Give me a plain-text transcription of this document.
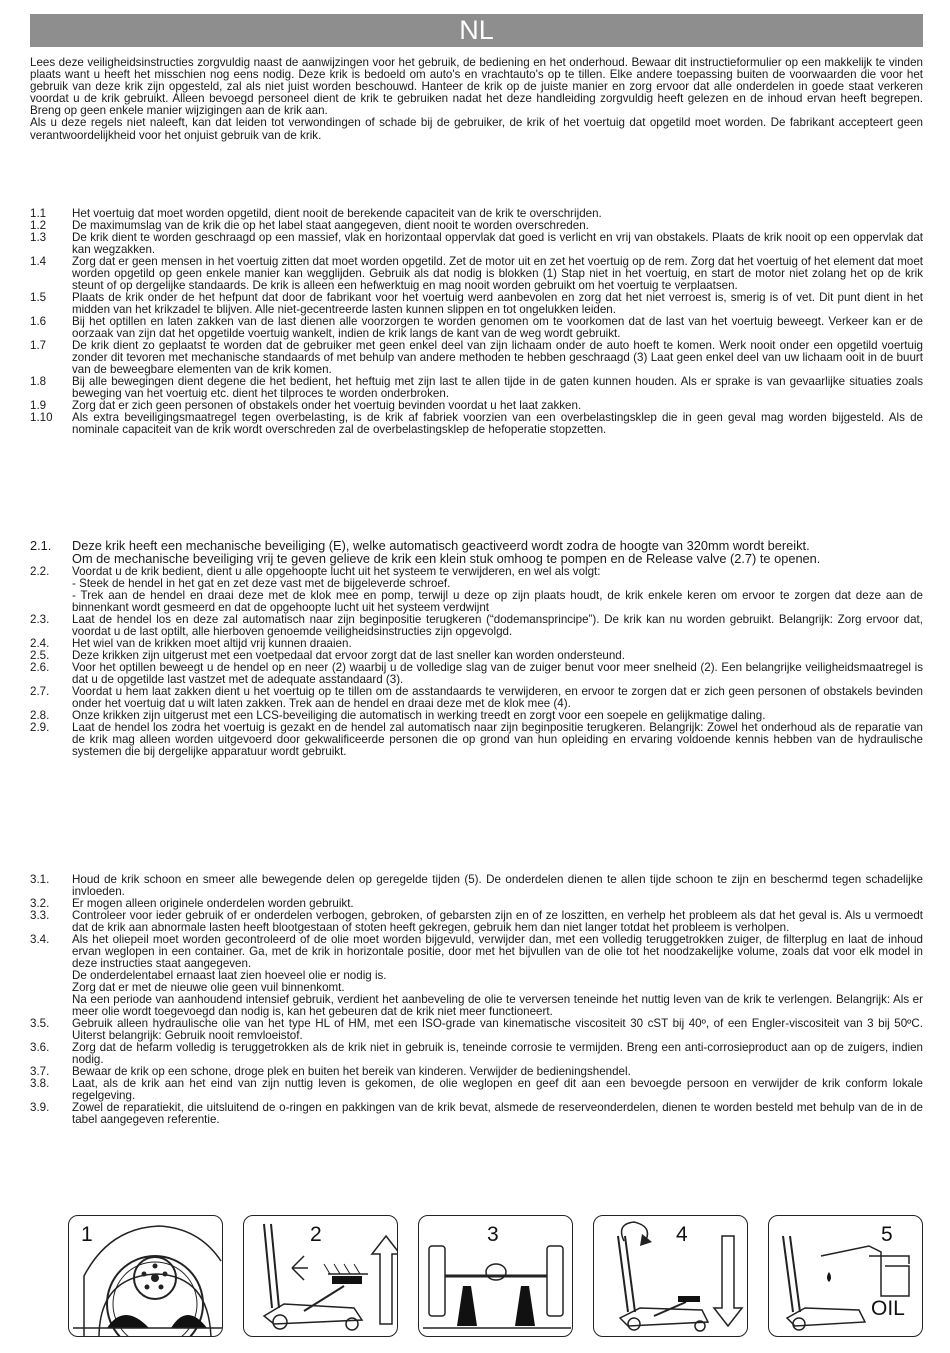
NL

Lees deze veiligheidsinstructies zorgvuldig naast de aanwijzingen voor het gebruik, de bediening en het onderhoud. Bewaar dit instructieformulier op een makkelijk te vinden plaats want u heeft het misschien nog eens nodig. Deze krik is bedoeld om auto's en vrachtauto's op te tillen. Elke andere toepassing buiten de voorwaarden die voor het gebruik van deze krik zijn opgesteld, zal als niet juist worden beschouwd. Hanteer de krik op de juiste manier en zorg ervoor dat alle onderdelen in goede staat verkeren voordat u de krik gebruikt. Alleen bevoegd personeel dient de krik te gebruiken nadat het deze handleiding zorgvuldig heeft gelezen en de inhoud ervan heeft begrepen. Breng op geen enkele manier wijzigingen aan de krik aan.

Als u deze regels niet naleeft, kan dat leiden tot verwondingen of schade bij de gebruiker, de krik of het voertuig dat opgetild moet worden. De fabrikant accepteert geen verantwoordelijkheid voor het onjuist gebruik van de krik.

1.1	Het voertuig dat moet worden opgetild, dient nooit de berekende capaciteit van de krik te overschrijden.
1.2	De maximumslag van de krik die op het label staat aangegeven, dient nooit te worden overschreden.
1.3	De krik dient te worden geschraagd op een massief, vlak en horizontaal oppervlak dat goed is verlicht en vrij van obstakels. Plaats de krik nooit op een oppervlak dat kan wegzakken.
1.4	Zorg dat er geen mensen in het voertuig zitten dat moet worden opgetild. Zet de motor uit en zet het voertuig op de rem. Zorg dat het voertuig of het element dat moet worden opgetild op geen enkele manier kan wegglijden. Gebruik als dat nodig is blokken (1) Stap niet in het voertuig, en start de motor niet zolang het op de krik steunt of op dergelijke standaards. De krik is alleen een hefwerktuig en mag nooit worden gebruikt om het voertuig te verplaatsen.
1.5	Plaats de krik onder de het hefpunt dat door de fabrikant voor het voertuig werd aanbevolen en zorg dat het niet verroest is, smerig is of vet. Dit punt dient in het midden van het krikzadel te blijven. Alle niet-gecentreerde lasten kunnen slippen en tot ongelukken leiden.
1.6	Bij het optillen en laten zakken van de last dienen alle voorzorgen te worden genomen om te voorkomen dat de last van het voertuig beweegt. Verkeer kan er de oorzaak van zijn dat het opgetilde voertuig wankelt, indien de krik langs de kant van de weg wordt gebruikt.
1.7	De krik dient zo geplaatst te worden dat de gebruiker met geen enkel deel van zijn lichaam onder de auto hoeft te komen. Werk nooit onder een opgetild voertuig zonder dit tevoren met mechanische standaards of met behulp van andere methoden te hebben geschraagd (3) Laat geen enkel deel van uw lichaam ooit in de buurt van de beweegbare elementen van de krik komen.
1.8	Bij alle bewegingen dient degene die het bedient, het heftuig met zijn last te allen tijde in de gaten kunnen houden. Als er sprake is van gevaarlijke situaties zoals beweging van het voertuig etc. dient het tilproces te worden onderbroken.
1.9	Zorg dat er zich geen personen of obstakels onder het voertuig bevinden voordat u het laat zakken.
1.10	Als extra beveiligingsmaatregel tegen overbelasting, is de krik af fabriek voorzien van een overbelastingsklep die in geen geval mag worden bijgesteld. Als de nominale capaciteit van de krik wordt overschreden zal de overbelastingsklep de hefoperatie stopzetten.
2.1.	Deze krik heeft een mechanische beveiliging (E), welke automatisch geactiveerd wordt zodra de hoogte van 320mm wordt bereikt.

Om de mechanische beveiliging vrij te geven gelieve de krik een klein stuk omhoog te pompen en de Release valve (2.7) te openen.

2.2.	Voordat u de krik bedient, dient u alle opgehoopte lucht uit het systeem te verwijderen, en wel als volgt:

- Steek de hendel in het gat en zet deze vast met de bijgeleverde schroef.

- Trek aan de hendel en draai deze met de klok mee en pomp, terwijl u deze op zijn plaats houdt, de krik enkele keren om ervoor te zorgen dat deze aan de binnenkant wordt gesmeerd en dat de opgehoopte lucht uit het systeem verdwijnt

2.3.	Laat de hendel los en deze zal automatisch naar zijn beginpositie terugkeren (“dodemansprincipe”). De krik kan nu worden gebruikt. Belangrijk: Zorg ervoor dat, voordat u de last optilt, alle hierboven genoemde veiligheidsinstructies zijn opgevolgd.

2.4.	Het wiel van de krikken moet altijd vrij kunnen draaien.

2.5.	Deze krikken zijn uitgerust met een voetpedaal dat ervoor zorgt dat de last sneller kan worden ondersteund.

2.6.	Voor het optillen beweegt u de hendel op en neer (2) waarbij u de volledige slag van de zuiger benut voor meer snelheid (2). Een belangrijke veiligheidsmaatregel is dat u de opgetilde last vastzet met de adequate asstandaard (3).

2.7.	Voordat u hem laat zakken dient u het voertuig op te tillen om de asstandaards te verwijderen, en ervoor te zorgen dat er zich geen personen of obstakels bevinden onder het voertuig dat u wilt laten zakken. Trek aan de hendel en draai deze met de klok mee (4).

2.8.	Onze krikken zijn uitgerust met een LCS-beveiliging die automatisch in werking treedt en zorgt voor een soepele en gelijkmatige daling.

2.9.	Laat de hendel los zodra het voertuig is gezakt en de hendel zal automatisch naar zijn beginpositie terugkeren. Belangrijk: Zowel het onderhoud als de reparatie van de krik mag alleen worden uitgevoerd door gekwalificeerde personen die op grond van hun opleiding en ervaring voldoende kennis hebben van de hydraulische systemen die bij dergelijke apparatuur wordt gebruikt.

3.1.	Houd de krik schoon en smeer alle bewegende delen op geregelde tijden (5). De onderdelen dienen te allen tijde schoon te zijn en beschermd tegen schadelijke invloeden.

3.2.	Er mogen alleen originele onderdelen worden gebruikt.

3.3.	Controleer voor ieder gebruik of er onderdelen verbogen, gebroken, of gebarsten zijn en of ze loszitten, en verhelp het probleem als dat het geval is. Als u vermoedt dat de krik aan abnormale lasten heeft blootgestaan of stoten heeft gekregen, gebruik hem dan niet langer totdat het probleem is verholpen.

3.4.	Als het oliepeil moet worden gecontroleerd of de olie moet worden bijgevuld, verwijder dan, met een volledig teruggetrokken zuiger, de filterplug en laat de inhoud ervan weglopen in een container. Ga, met de krik in horizontale positie, door met het bijvullen van de olie tot het noodzakelijke volume, zoals dat voor elk model in deze instructies staat aangegeven.

De onderdelentabel ernaast laat zien hoeveel olie er nodig is.

Zorg dat er met de nieuwe olie geen vuil binnenkomt.

Na een periode van aanhoudend intensief gebruik, verdient het aanbeveling de olie te verversen teneinde het nuttig leven van de krik te verlengen. Belangrijk: Als er meer olie wordt toegevoegd dan nodig is, kan het gebeuren dat de krik niet meer functioneert.

3.5.	Gebruik alleen hydraulische olie van het type HL of HM, met een ISO-grade van kinematische viscositeit 30 cST bij 40º, of een Engler-viscositeit van 3 bij 50ºC. Uiterst belangrijk: Gebruik nooit remvloeistof.

3.6.	Zorg dat de hefarm volledig is teruggetrokken als de krik niet in gebruik is, teneinde corrosie te vermijden. Breng een anti-corrosieproduct aan op de zuigers, indien nodig.

3.7.	Bewaar de krik op een schone, droge plek en buiten het bereik van kinderen. Verwijder de bedieningshendel.

3.8.	Laat, als de krik aan het eind van zijn nuttig leven is gekomen, de olie weglopen en geef dit aan een bevoegde persoon en verwijder de krik conform lokale regelgeving.

3.9.	Zowel de reparatiekit, die uitsluitend de o-ringen en pakkingen van de krik bevat, alsmede de reserveonderdelen, dienen te worden besteld met behulp van de in de tabel aangegeven referentie.

1	2	3	4	5
OIL
